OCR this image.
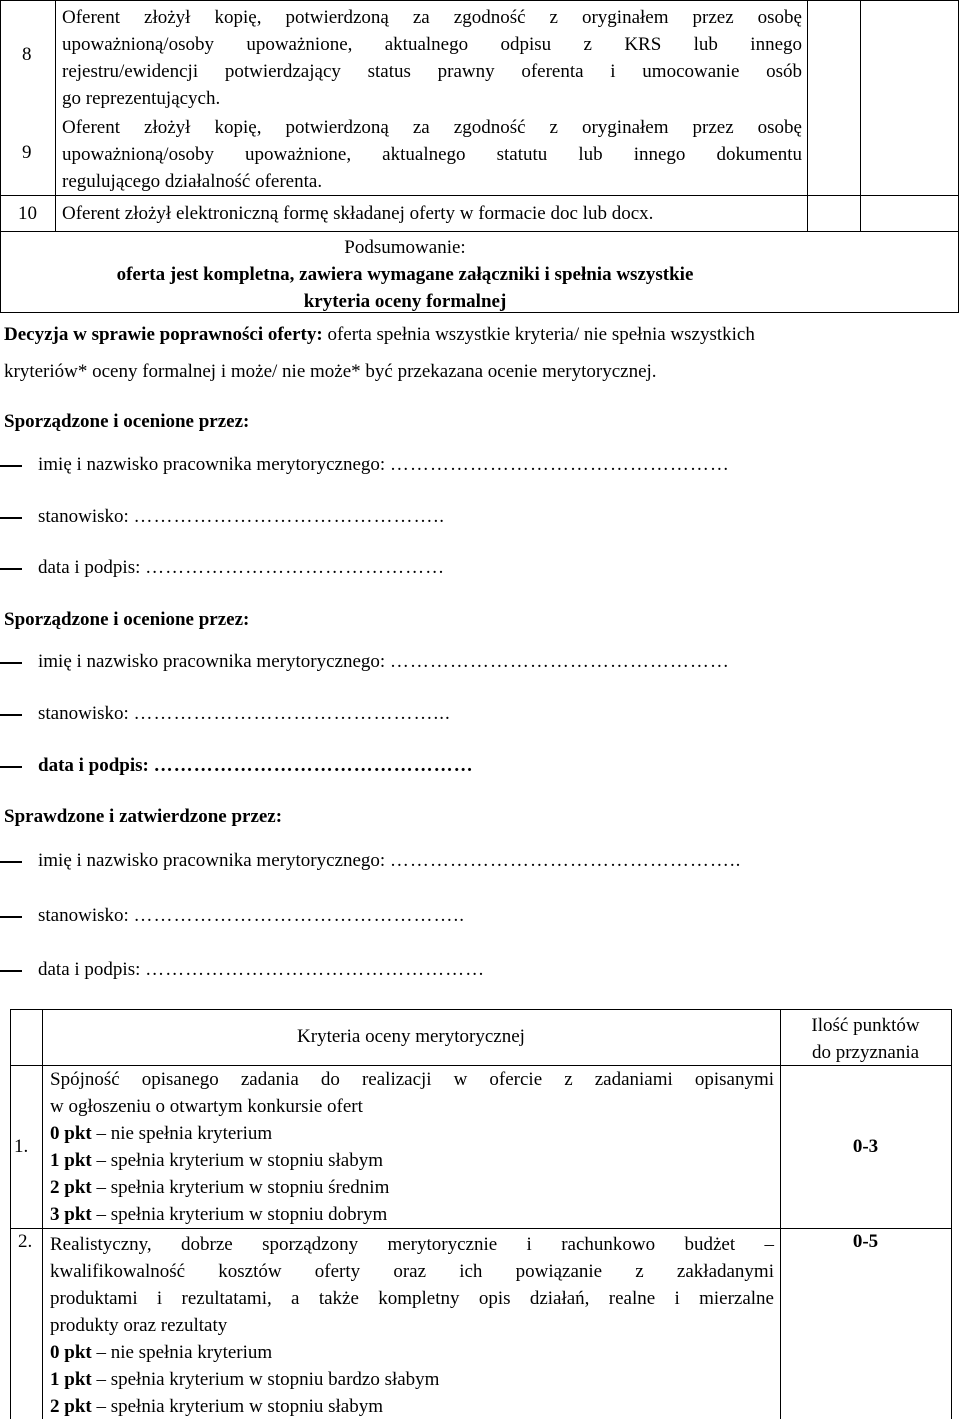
8
Oferent złożył kopię, potwierdzoną za zgodność z oryginałem przez osobę
upoważnioną/osoby upoważnione, aktualnego odpisu z KRS lub innego
rejestru/ewidencji potwierdzający status prawny oferenta i umocowanie osób
go reprezentujących.
9
Oferent złożył kopię, potwierdzoną za zgodność z oryginałem przez osobę
upoważnioną/osoby upoważnione, aktualnego statutu lub innego dokumentu
regulującego działalność oferenta.
10 Oferent złożył elektroniczną formę składanej oferty w formacie doc lub docx.
Podsumowanie:
oferta jest kompletna, zawiera wymagane załączniki i spełnia wszystkie
kryteria oceny formalnej
Decyzja w sprawie poprawności oferty: oferta spełnia wszystkie kryteria/ nie spełnia wszystkich
kryteriów* oceny formalnej i może/ nie może* być przekazana ocenie merytorycznej.
Sporządzone i ocenione przez:
imię i nazwisko pracownika merytorycznego: ……………………………………………
stanowisko: ………………………………………..
data i podpis: ………………………………………
Sporządzone i ocenione przez:
imię i nazwisko pracownika merytorycznego: ……………………………………………
stanowisko: ………………………………………...
data i podpis: …………………………………………
Sprawdzone i zatwierdzone przez:
imię i nazwisko pracownika merytorycznego: ……………………………………………..
stanowisko: …………………………………………..
data i podpis: ……………………………………………
Kryteria oceny merytorycznej
Ilość punktów
do przyznania
1.
Spójność opisanego zadania do realizacji w ofercie z zadaniami opisanymi
w ogłoszeniu o otwartym konkursie ofert
0 pkt – nie spełnia kryterium
1 pkt – spełnia kryterium w stopniu słabym
2 pkt – spełnia kryterium w stopniu średnim
3 pkt – spełnia kryterium w stopniu dobrym
0-3
2. Realistyczny, dobrze sporządzony merytorycznie i rachunkowo budżet –
kwalifikowalność kosztów oferty oraz ich powiązanie z zakładanymi
produktami i rezultatami, a także kompletny opis działań, realne i mierzalne
produkty oraz rezultaty
0 pkt – nie spełnia kryterium
1 pkt – spełnia kryterium w stopniu bardzo słabym
2 pkt – spełnia kryterium w stopniu słabym
0-5
